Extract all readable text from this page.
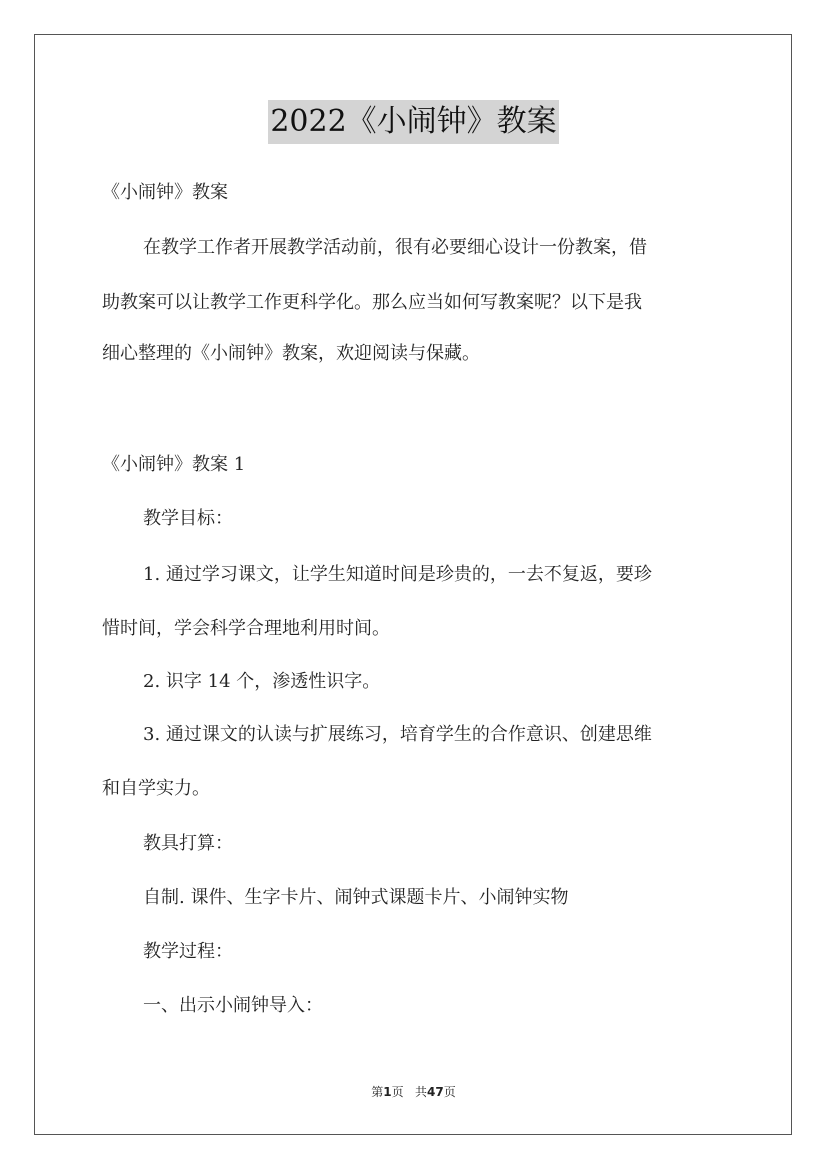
2022《小闹钟》教案
《小闹钟》教案
在教学工作者开展教学活动前，很有必要细心设计一份教案，借
助教案可以让教学工作更科学化。那么应当如何写教案呢？以下是我
细心整理的《小闹钟》教案，欢迎阅读与保藏。
《小闹钟》教案 1
教学目标：
1. 通过学习课文，让学生知道时间是珍贵的，一去不复返，要珍
惜时间，学会科学合理地利用时间。
2. 识字 14 个，渗透性识字。
3. 通过课文的认读与扩展练习，培育学生的合作意识、创建思维
和自学实力。
教具打算：
自制. 课件、生字卡片、闹钟式课题卡片、小闹钟实物
教学过程：
一、出示小闹钟导入：
第1页   共47页
